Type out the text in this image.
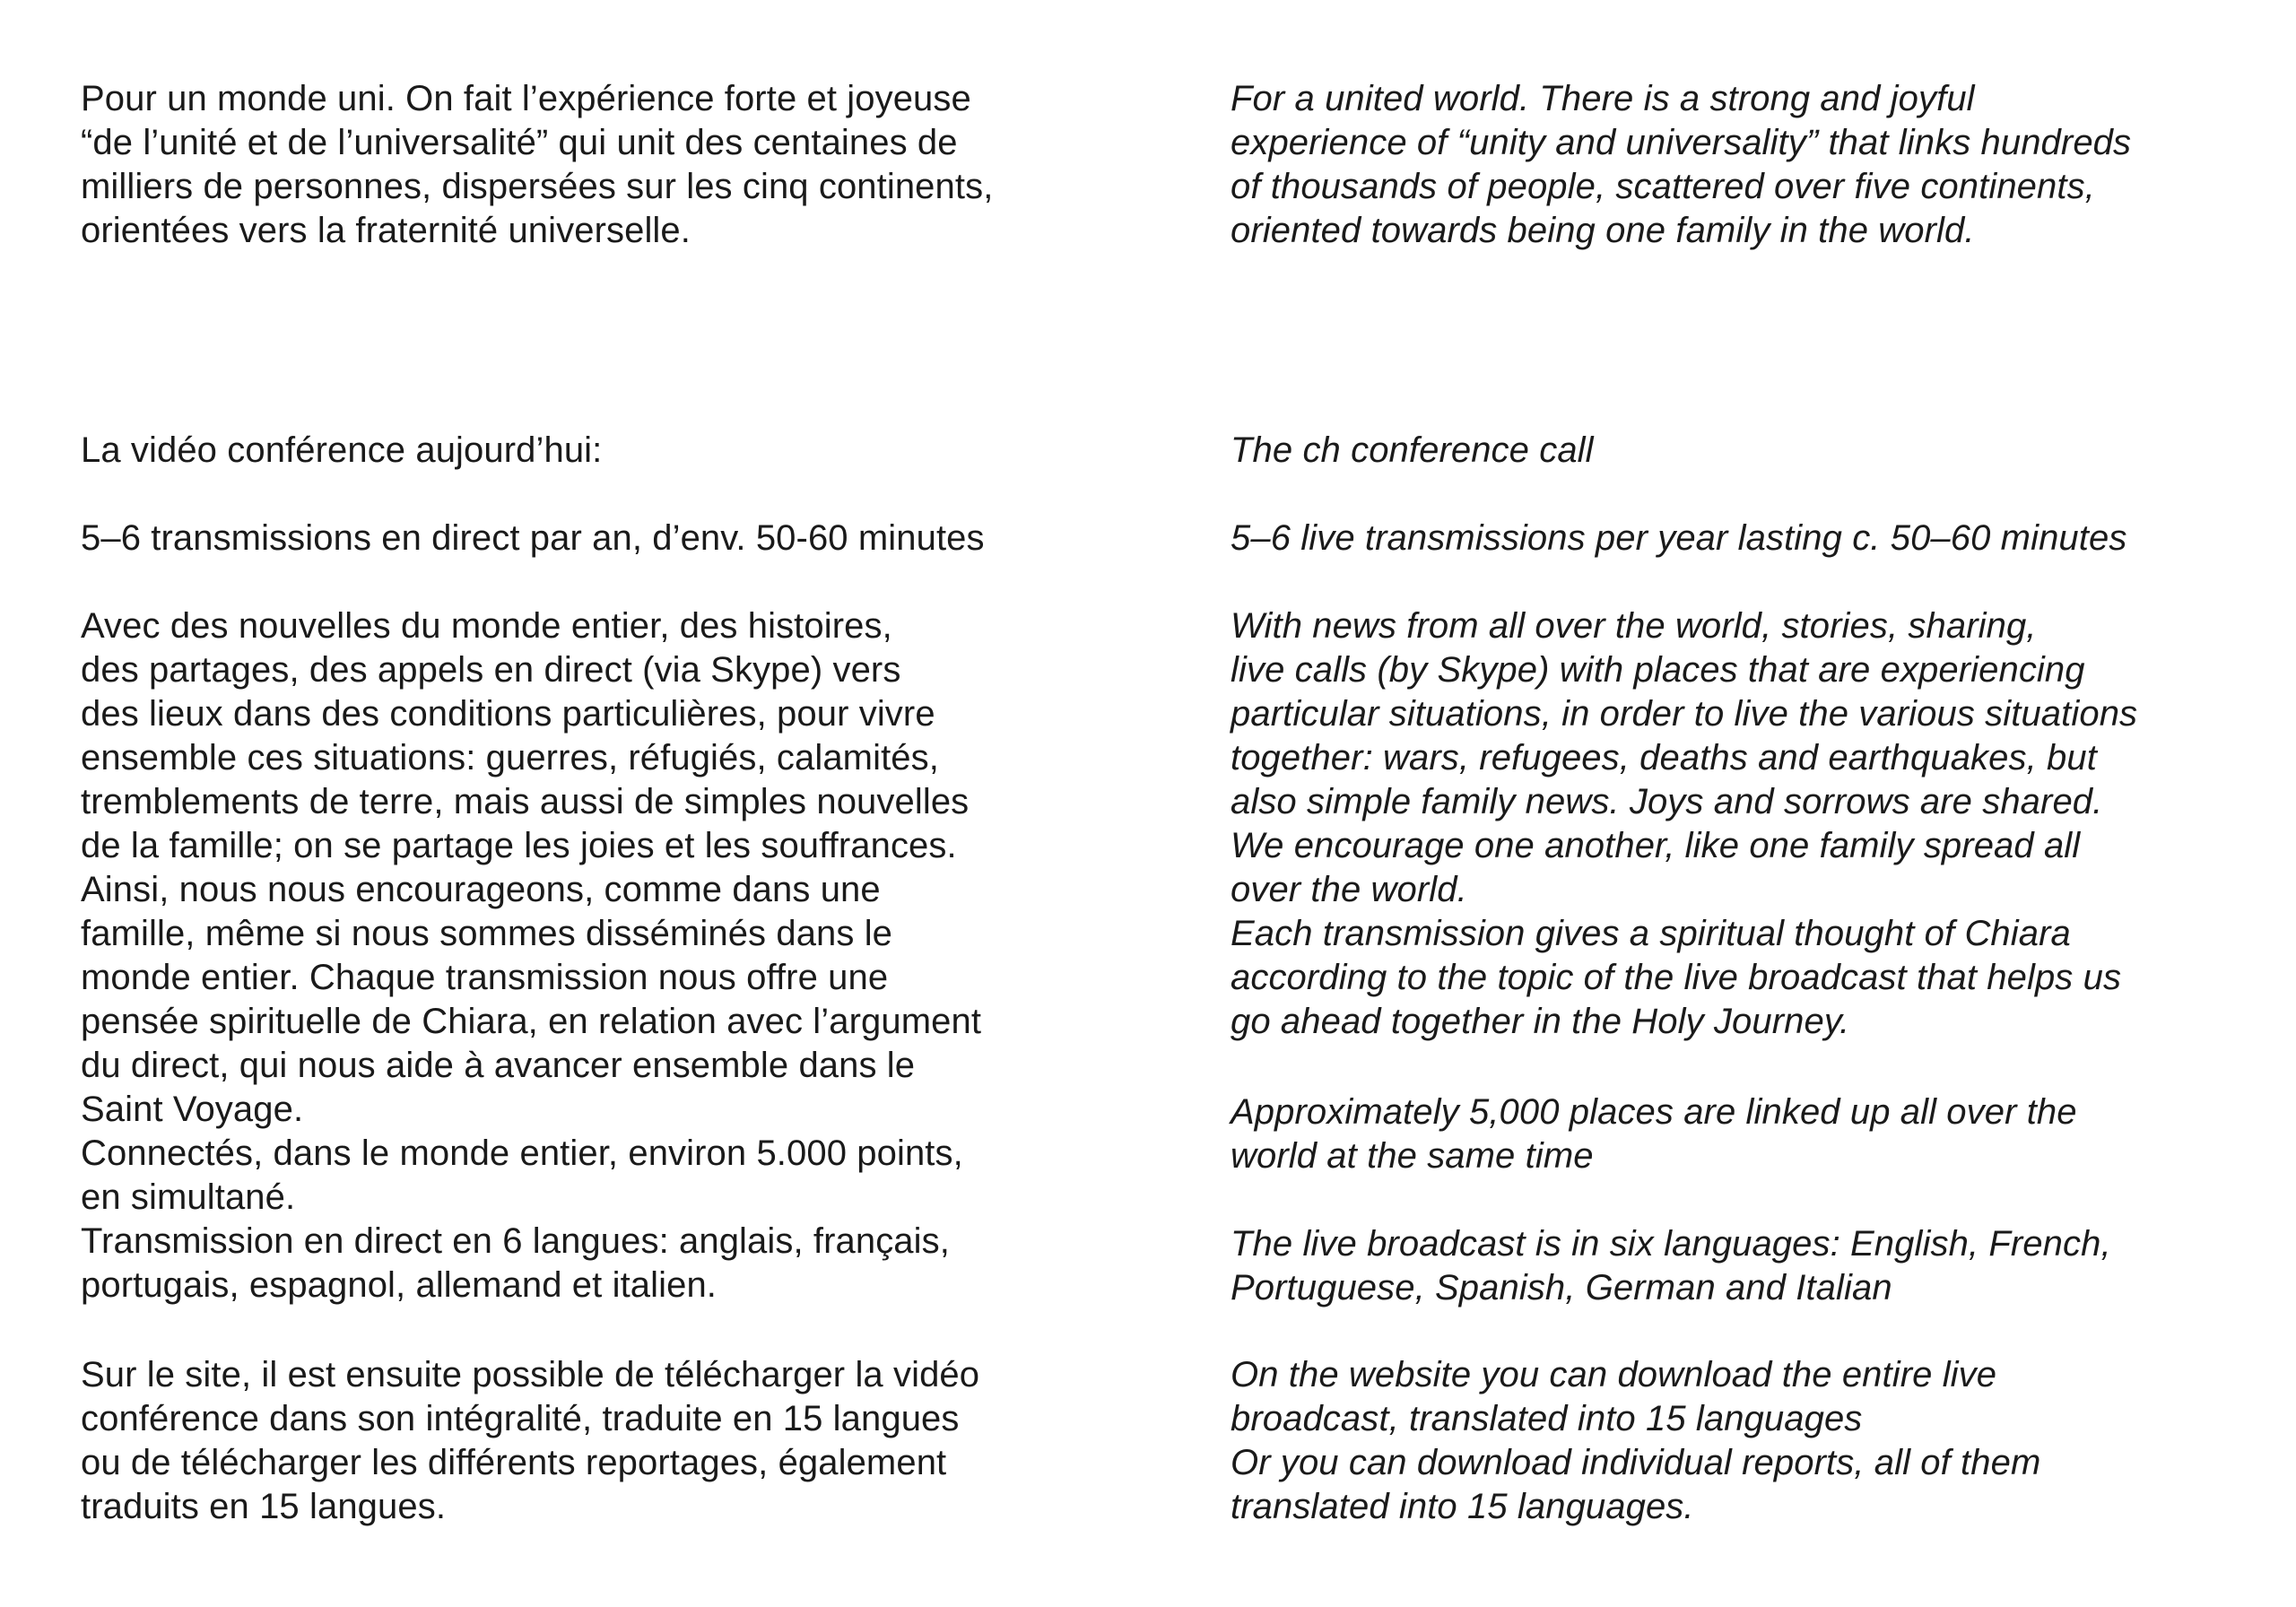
Pour un monde uni. On fait l’expérience forte et joyeuse
“de l’unité et de l’universalité” qui unit des centaines de
milliers de personnes, dispersées sur les cinq continents,
orientées vers la fraternité universelle.

La vidéo conférence aujourd’hui:

5–6 transmissions en direct par an, d’env. 50-60 minutes

Avec des nouvelles du monde entier, des histoires,
des partages, des appels en direct (via Skype) vers
des lieux dans des conditions particulières, pour vivre
ensemble ces situations: guerres, réfugiés, calamités,
tremblements de terre, mais aussi de simples nouvelles
de la famille; on se partage les joies et les souffrances.
Ainsi, nous nous encourageons, comme dans une
famille, même si nous sommes disséminés dans le
monde entier. Chaque transmission nous offre une
pensée spirituelle de Chiara, en relation avec l’argument
du direct, qui nous aide à avancer ensemble dans le
Saint Voyage.
Connectés, dans le monde entier, environ 5.000 points,
en simultané.
Transmission en direct en 6 langues: anglais, français,
portugais, espagnol, allemand et italien.

Sur le site, il est ensuite possible de télécharger la vidéo
conférence dans son intégralité, traduite en 15 langues
ou de télécharger les différents reportages, également
traduits en 15 langues.

For a united world. There is a strong and joyful
experience of “unity and universality” that links hundreds
of thousands of people, scattered over five continents,
oriented towards being one family in the world.

The ch conference call

5–6 live transmissions per year lasting c. 50–60 minutes

With news from all over the world, stories, sharing,
live calls (by Skype) with places that are experiencing
particular situations, in order to live the various situations
together: wars, refugees, deaths and earthquakes, but
also simple family news. Joys and sorrows are shared.
We encourage one another, like one family spread all
over the world.
Each transmission gives a spiritual thought of Chiara
according to the topic of the live broadcast that helps us
go ahead together in the Holy Journey.

Approximately 5,000 places are linked up all over the
world at the same time

The live broadcast is in six languages: English, French,
Portuguese, Spanish, German and Italian

On the website you can download the entire live
broadcast, translated into 15 languages
Or you can download individual reports, all of them
translated into 15 languages.
